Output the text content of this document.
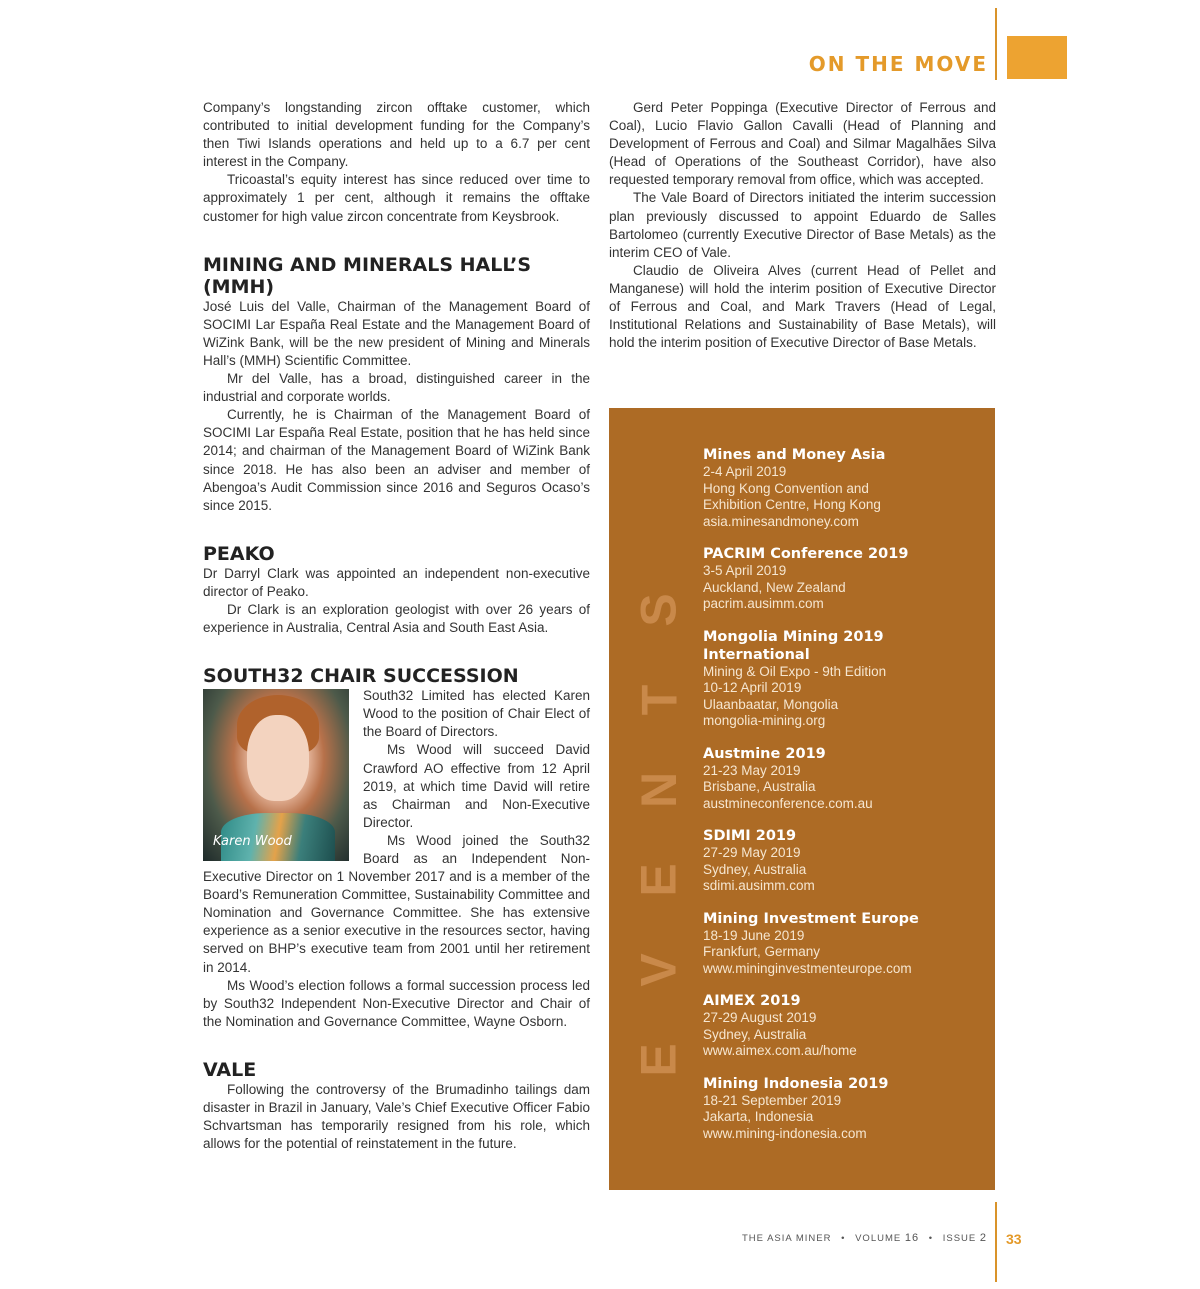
ON THE MOVE

Company’s longstanding zircon offtake customer, which contributed to initial development funding for the Company’s then Tiwi Islands operations and held up to a 6.7 per cent interest in the Company.

Tricoastal’s equity interest has since reduced over time to approximately 1 per cent, although it remains the offtake customer for high value zircon concentrate from Keysbrook.

MINING AND MINERALS HALL’S (MMH)

José Luis del Valle, Chairman of the Management Board of SOCIMI Lar España Real Estate and the Management Board of WiZink Bank, will be the new president of Mining and Minerals Hall’s (MMH) Scientific Committee.

Mr del Valle, has a broad, distinguished career in the industrial and corporate worlds.

Currently, he is Chairman of the Management Board of SOCIMI Lar España Real Estate, position that he has held since 2014; and chairman of the Management Board of WiZink Bank since 2018. He has also been an adviser and member of Abengoa’s Audit Commission since 2016 and Seguros Ocaso’s since 2015.

PEAKO

Dr Darryl Clark was appointed an independent non-executive director of Peako.

Dr Clark is an exploration geologist with over 26 years of experience in Australia, Central Asia and South East Asia.

SOUTH32 CHAIR SUCCESSION
Karen Wood

South32 Limited has elected Karen Wood to the position of Chair Elect of the Board of Directors.

Ms Wood will succeed David Crawford AO effective from 12 April 2019, at which time David will retire as Chairman and Non-Executive Director.

Ms Wood joined the South32 Board as an Independent Non-Executive Director on 1 November 2017 and is a member of the Board’s Remuneration Committee, Sustainability Committee and Nomination and Governance Committee. She has extensive experience as a senior executive in the resources sector, having served on BHP’s executive team from 2001 until her retirement in 2014.

Ms Wood’s election follows a formal succession process led by South32 Independent Non-Executive Director and Chair of the Nomination and Governance Committee, Wayne Osborn.

VALE

Following the controversy of the Brumadinho tailings dam disaster in Brazil in January, Vale’s Chief Executive Officer Fabio Schvartsman has temporarily resigned from his role, which allows for the potential of reinstatement in the future.

Gerd Peter Poppinga (Executive Director of Ferrous and Coal), Lucio Flavio Gallon Cavalli (Head of Planning and Development of Ferrous and Coal) and Silmar Magalhães Silva (Head of Operations of the Southeast Corridor), have also requested temporary removal from office, which was accepted.

The Vale Board of Directors initiated the interim succession plan previously discussed to appoint Eduardo de Salles Bartolomeo (currently Executive Director of Base Metals) as the interim CEO of Vale.

Claudio de Oliveira Alves (current Head of Pellet and Manganese) will hold the interim position of Executive Director of Ferrous and Coal, and Mark Travers (Head of Legal, Institutional Relations and Sustainability of Base Metals), will hold the interim position of Executive Director of Base Metals.

S
T
N
E
V
E
Mines and Money Asia
2-4 April 2019
Hong Kong Convention and
Exhibition Centre, Hong Kong
asia.minesandmoney.com
PACRIM Conference 2019
3-5 April 2019
Auckland, New Zealand
pacrim.ausimm.com
Mongolia Mining 2019 International
Mining & Oil Expo - 9th Edition
10-12 April 2019
Ulaanbaatar, Mongolia
mongolia-mining.org
Austmine 2019
21-23 May 2019
Brisbane, Australia
austmineconference.com.au
SDIMI 2019
27-29 May 2019
Sydney, Australia
sdimi.ausimm.com
Mining Investment Europe
18-19 June 2019
Frankfurt, Germany
www.mininginvestmenteurope.com
AIMEX 2019
27-29 August 2019
Sydney, Australia
www.aimex.com.au/home
Mining Indonesia 2019
18-21 September 2019
Jakarta, Indonesia
www.mining-indonesia.com
THE ASIA MINER • VOLUME 16 • ISSUE 2 33
